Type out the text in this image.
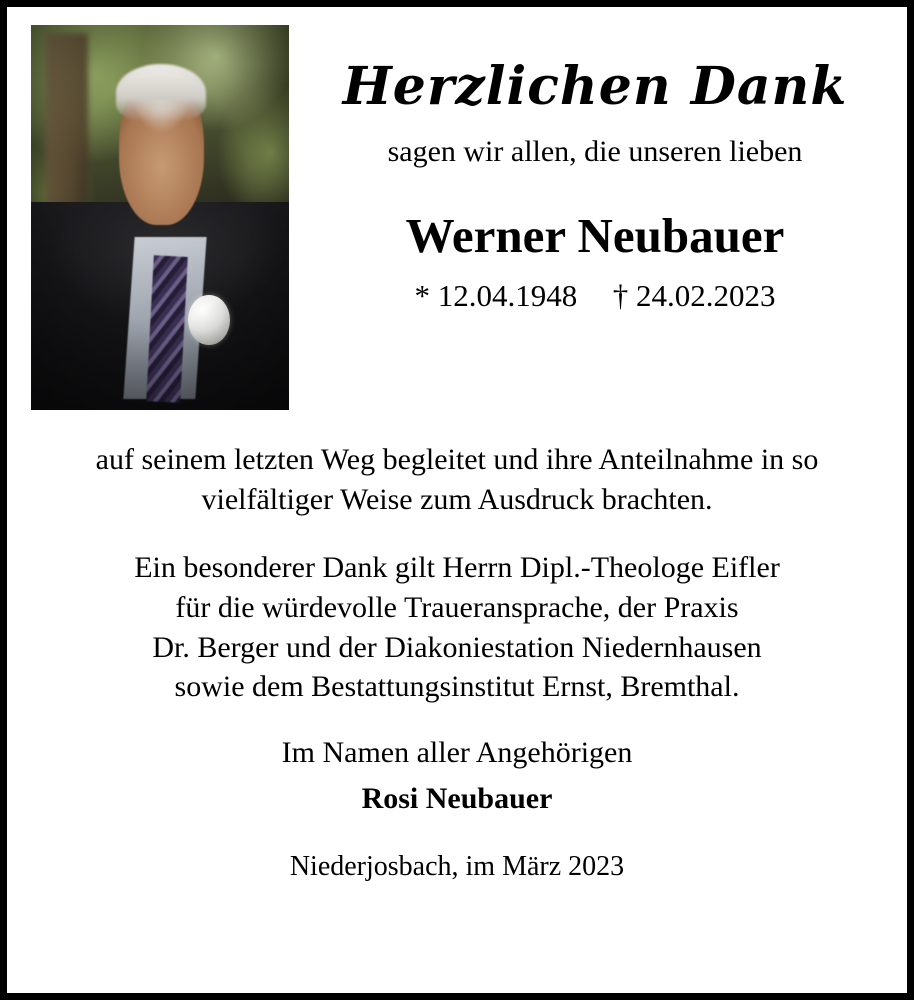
Herzlichen Dank
sagen wir allen, die unseren lieben
Werner Neubauer
* 12.04.1948 † 24.02.2023

auf seinem letzten Weg begleitet und ihre Anteilnahme in so vielfältiger Weise zum Ausdruck brachten.

Ein besonderer Dank gilt Herrn Dipl.-Theologe Eifler
für die würdevolle Traueransprache, der Praxis
Dr. Berger und der Diakoniestation Niedernhausen
sowie dem Bestattungsinstitut Ernst, Bremthal.

Im Namen aller Angehörigen

Rosi Neubauer

Niederjosbach, im März 2023
